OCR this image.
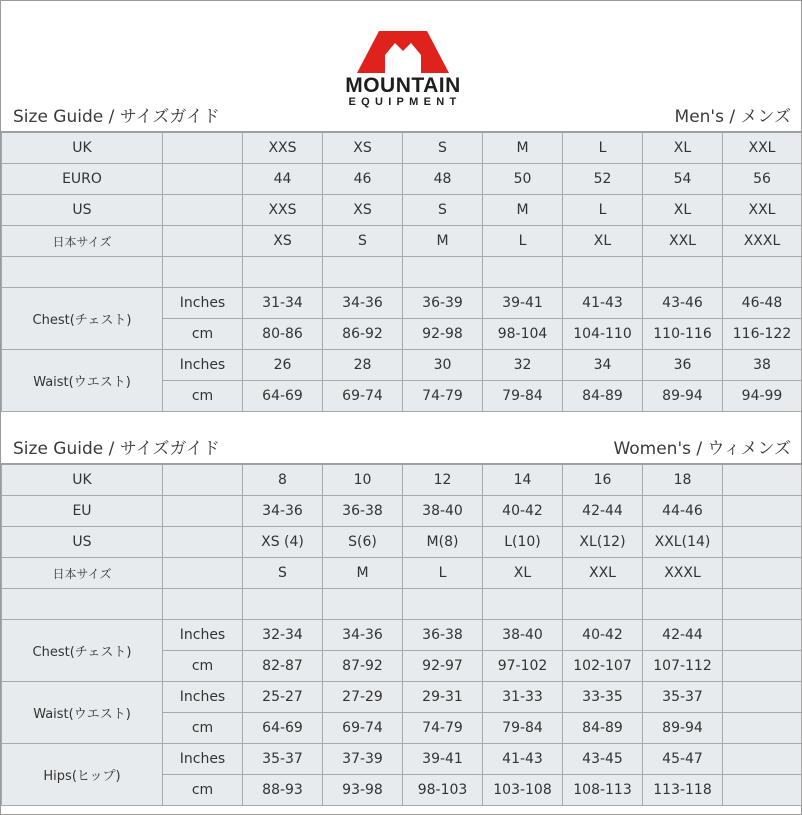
MOUNTAIN
EQUIPMENT
Size Guide / サイズガイド	Men's / メンズ
UK		XXS	XS	S	M	L	XL	XXL
EURO		44	46	48	50	52	54	56
US		XXS	XS	S	M	L	XL	XXL
日本サイズ		XS	S	M	L	XL	XXL	XXXL

Chest(チェスト)	Inches	31-34	34-36	36-39	39-41	41-43	43-46	46-48
	cm	80-86	86-92	92-98	98-104	104-110	110-116	116-122
Waist(ウエスト)	Inches	26	28	30	32	34	36	38
	cm	64-69	69-74	74-79	79-84	84-89	89-94	94-99
Size Guide / サイズガイド	Women's / ウィメンズ
UK		8	10	12	14	16	18	
EU		34-36	36-38	38-40	40-42	42-44	44-46	
US		XS (4)	S(6)	M(8)	L(10)	XL(12)	XXL(14)	
日本サイズ		S	M	L	XL	XXL	XXXL	

Chest(チェスト)	Inches	32-34	34-36	36-38	38-40	40-42	42-44	
	cm	82-87	87-92	92-97	97-102	102-107	107-112	
Waist(ウエスト)	Inches	25-27	27-29	29-31	31-33	33-35	35-37	
	cm	64-69	69-74	74-79	79-84	84-89	89-94	
Hips(ヒップ)	Inches	35-37	37-39	39-41	41-43	43-45	45-47	
	cm	88-93	93-98	98-103	103-108	108-113	113-118	
